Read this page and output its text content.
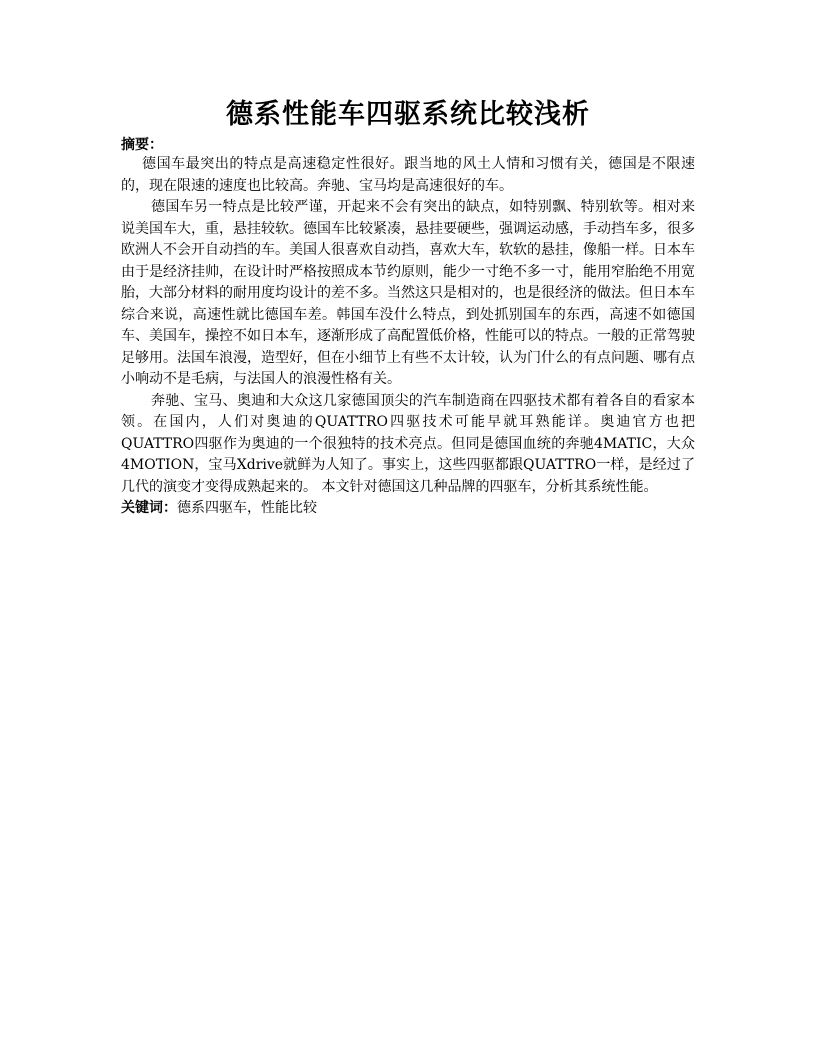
德系性能车四驱系统比较浅析
摘要：

德国车最突出的特点是高速稳定性很好。跟当地的风土人情和习惯有关，德国是不限速的，现在限速的速度也比较高。奔驰、宝马均是高速很好的车。

德国车另一特点是比较严谨，开起来不会有突出的缺点，如特别飘、特别软等。相对来说美国车大，重，悬挂较软。德国车比较紧凑，悬挂要硬些，强调运动感，手动挡车多，很多欧洲人不会开自动挡的车。美国人很喜欢自动挡，喜欢大车，软软的悬挂，像船一样。日本车由于是经济挂帅，在设计时严格按照成本节约原则，能少一寸绝不多一寸，能用窄胎绝不用宽胎，大部分材料的耐用度均设计的差不多。当然这只是相对的，也是很经济的做法。但日本车综合来说，高速性就比德国车差。韩国车没什么特点，到处抓别国车的东西，高速不如德国车、美国车，操控不如日本车，逐渐形成了高配置低价格，性能可以的特点。一般的正常驾驶足够用。法国车浪漫，造型好，但在小细节上有些不太计较，认为门什么的有点问题、哪有点小响动不是毛病，与法国人的浪漫性格有关。

奔驰、宝马、奥迪和大众这几家德国顶尖的汽车制造商在四驱技术都有着各自的看家本领。在国内，人们对奥迪的QUATTRO四驱技术可能早就耳熟能详。奥迪官方也把QUATTRO四驱作为奥迪的一个很独特的技术亮点。但同是德国血统的奔驰4MATIC，大众4MOTION，宝马Xdrive就鲜为人知了。事实上，这些四驱都跟QUATTRO一样，是经过了几代的演变才变得成熟起来的。 本文针对德国这几种品牌的四驱车，分析其系统性能。

关键词：德系四驱车，性能比较
